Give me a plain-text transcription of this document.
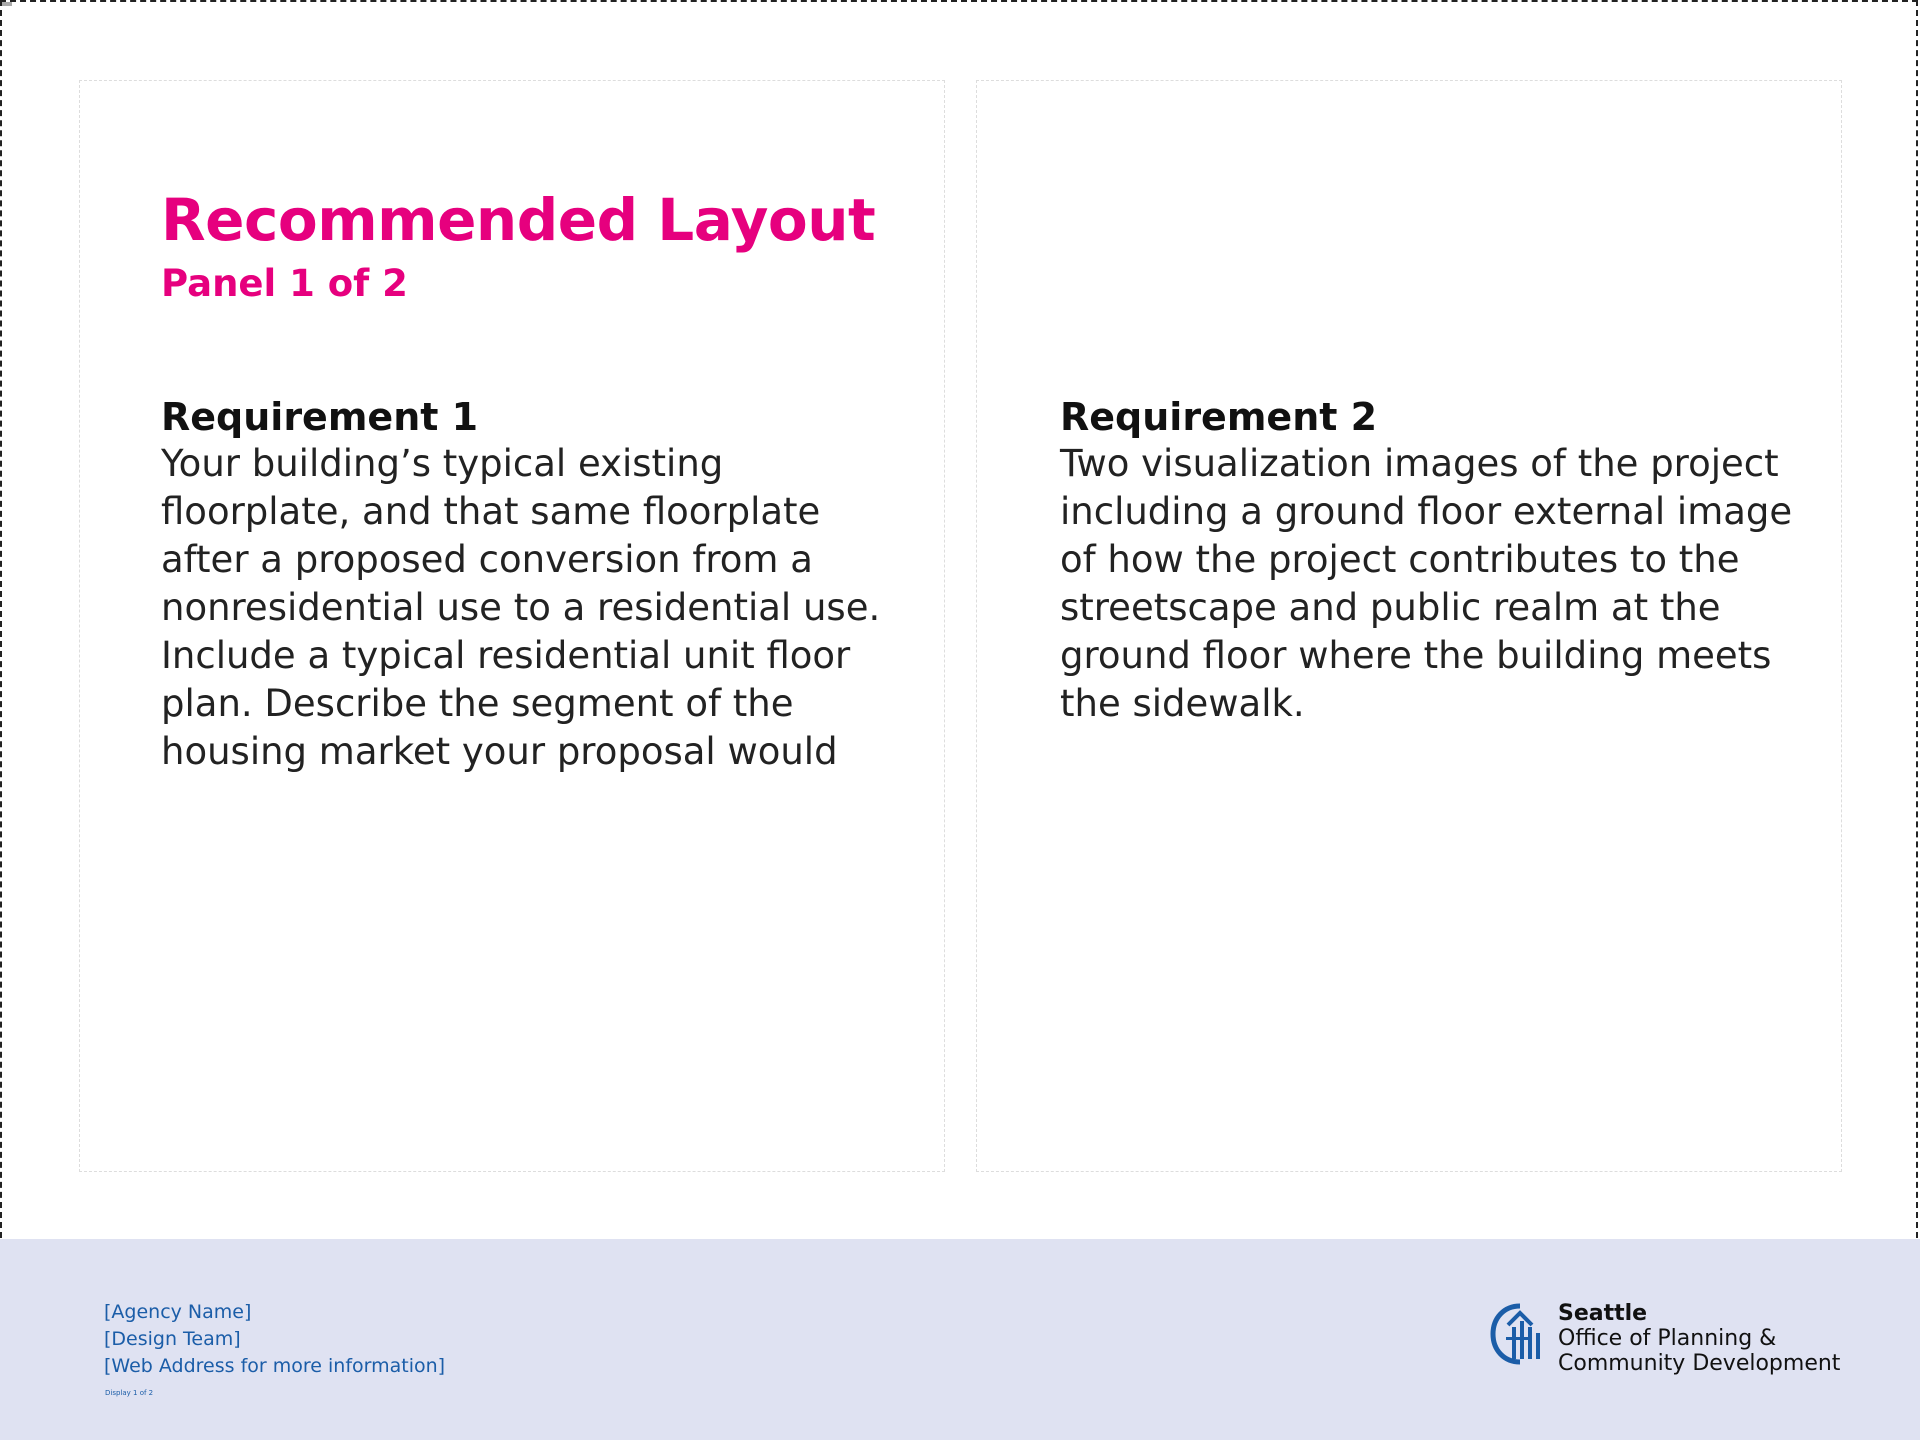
Recommended Layout
Panel 1 of 2
Requirement 1

Your building’s typical existing floorplate, and that same floorplate after a proposed conversion from a nonresidential use to a residential use. Include a typical residential unit floor plan. Describe the segment of the housing market your proposal would

Requirement 2

Two visualization images of the project including a ground floor external image of how the project contributes to the streetscape and public realm at the ground floor where the building meets the sidewalk.

[Agency Name]
[Design Team]
[Web Address for more information]
Display 1 of 2
Seattle
Office of Planning &
Community Development
